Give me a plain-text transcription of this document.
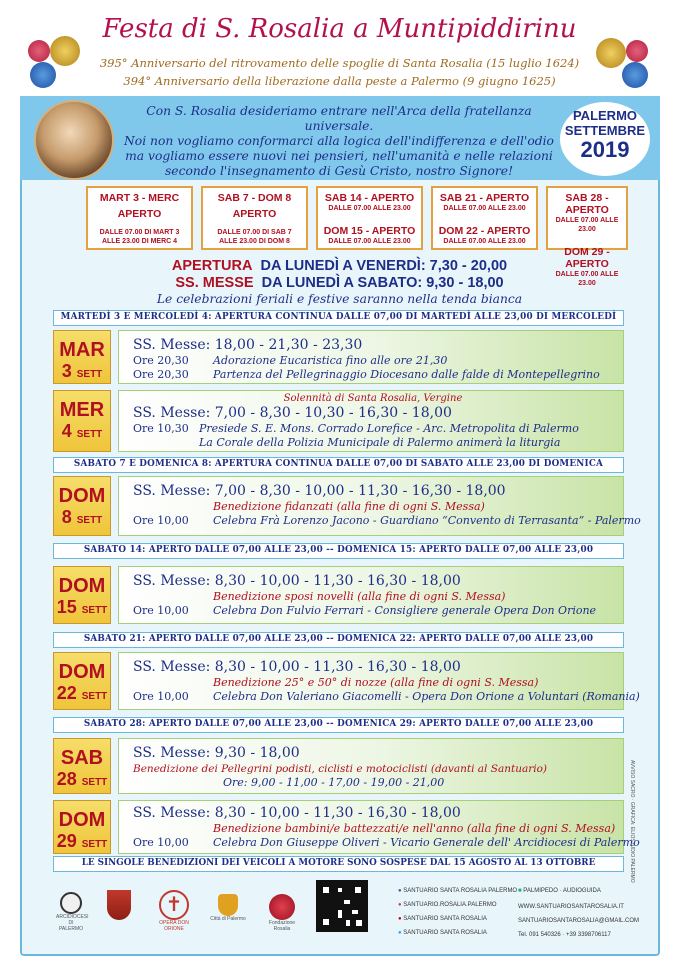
Festa di S. Rosalia a Muntipiddirinu
395° Anniversario del ritrovamento delle spoglie di Santa Rosalia (15 luglio 1624)
394° Anniversario della liberazione dalla peste a Palermo (9 giugno 1625)
Con S. Rosalia desideriamo entrare nell'Arca della fratellanza universale.
Noi non vogliamo conformarci alla logica dell'indifferenza e dell'odio
ma vogliamo essere nuovi nei pensieri, nell'umanità e nelle relazioni
secondo l'insegnamento di Gesù Cristo, nostro Signore!
PALERMO
SETTEMBRE
2019
MART 3 - MERC
APERTO
DALLE 07.00 DI MART 3
ALLE 23.00 DI MERC 4
SAB 7 - DOM 8
APERTO
DALLE 07.00 DI SAB 7
ALLE 23.00 DI DOM 8
SAB 14 - APERTO
DALLE 07.00 ALLE 23.00
DOM 15 - APERTO
DALLE 07.00 ALLE 23.00
SAB 21 - APERTO
DALLE 07.00 ALLE 23.00
DOM 22 - APERTO
DALLE 07.00 ALLE 23.00
SAB 28 - APERTO
DALLE 07.00 ALLE 23.00
DOM 29 - APERTO
DALLE 07.00 ALLE 23.00
APERTURA DA LUNEDÌ A VENERDÌ: 7,30 - 20,00
SS. MESSE DA LUNEDÌ A SABATO: 9,30 - 18,00
Le celebrazioni feriali e festive saranno nella tenda bianca
MARTEDÌ 3 E MERCOLEDÌ 4: APERTURA CONTINUA DALLE 07,00 DI MARTEDÌ ALLE 23,00 DI MERCOLEDÌ
MAR
3 SETT
SS. Messe: 18,00 - 21,30 - 23,30
Ore 20,30 Adorazione Eucaristica fino alle ore 21,30
Ore 20,30 Partenza del Pellegrinaggio Diocesano dalle falde di Montepellegrino
MER
4 SETT
Solennità di Santa Rosalia, Vergine
SS. Messe: 7,00 - 8,30 - 10,30 - 16,30 - 18,00
Ore 10,30 Presiede S. E. Mons. Corrado Lorefice - Arc. Metropolita di Palermo
La Corale della Polizia Municipale di Palermo animerà la liturgia
SABATO 7 E DOMENICA 8: APERTURA CONTINUA DALLE 07,00 DI SABATO ALLE 23,00 DI DOMENICA
DOM
8 SETT
SS. Messe: 7,00 - 8,30 - 10,00 - 11,30 - 16,30 - 18,00
Benedizione fidanzati (alla fine di ogni S. Messa)
Ore 10,00 Celebra Frà Lorenzo Jacono - Guardiano “Convento di Terrasanta” - Palermo
SABATO 14: APERTO DALLE 07,00 ALLE 23,00 -- DOMENICA 15: APERTO DALLE 07,00 ALLE 23,00
DOM
15 SETT
SS. Messe: 8,30 - 10,00 - 11,30 - 16,30 - 18,00
Benedizione sposi novelli (alla fine di ogni S. Messa)
Ore 10,00 Celebra Don Fulvio Ferrari - Consigliere generale Opera Don Orione
SABATO 21: APERTO DALLE 07,00 ALLE 23,00 -- DOMENICA 22: APERTO DALLE 07,00 ALLE 23,00
DOM
22 SETT
SS. Messe: 8,30 - 10,00 - 11,30 - 16,30 - 18,00
Benedizione 25° e 50° di nozze (alla fine di ogni S. Messa)
Ore 10,00 Celebra Don Valeriano Giacomelli - Opera Don Orione a Voluntari (Romania)
SABATO 28: APERTO DALLE 07,00 ALLE 23,00 -- DOMENICA 29: APERTO DALLE 07,00 ALLE 23,00
SAB
28 SETT
SS. Messe: 9,30 - 18,00
Benedizione dei Pellegrini podisti, ciclisti e motociclisti (davanti al Santuario)
Ore: 9,00 - 11,00 - 17,00 - 19,00 - 21,00
DOM
29 SETT
SS. Messe: 8,30 - 10,00 - 11,30 - 16,30 - 18,00
Benedizione bambini/e battezzati/e nell'anno (alla fine di ogni S. Messa)
Ore 10,00 Celebra Don Giuseppe Oliveri - Vicario Generale dell' Arcidiocesi di Palermo
LE SINGOLE BENEDIZIONI DEI VEICOLI A MOTORE SONO SOSPESE DAL 15 AGOSTO AL 13 OTTOBRE
ARCIDIOCESI DI PALERMO
✝
OPERA DON ORIONE
Città di Palermo
Fondazione Rosalia
● SANTUARIO SANTA ROSALIA PALERMO
● SANTUARIO.ROSALIA.PALERMO
● SANTUARIO SANTA ROSALIA
● SANTUARIO SANTA ROSALIA
■ PALMIPEDO · AUDIOGUIDA
WWW.SANTUARIOSANTAROSALIA.IT
SANTUARIOSANTAROSALIA@GMAIL.COM
Tel. 091 540326 · +39 3398706117
AVVISO SACRO · GRAFICA: ELIOSTUDIO PALERMO
